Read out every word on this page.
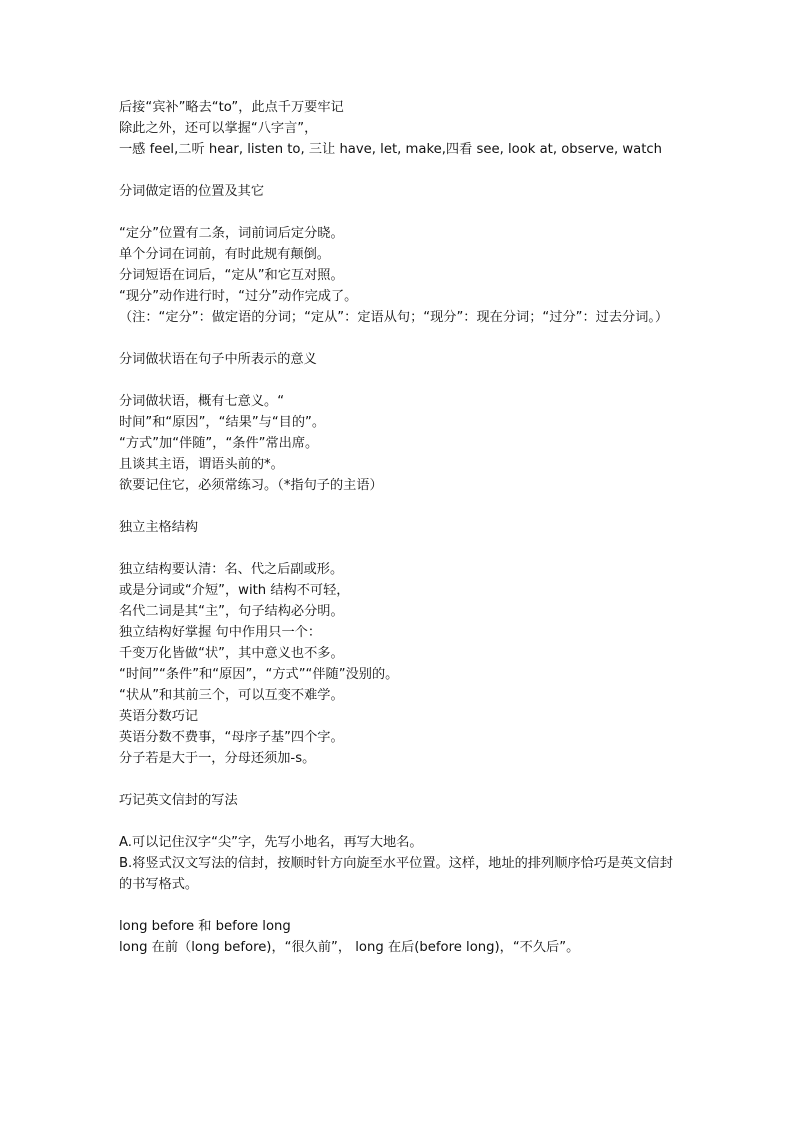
后接“宾补”略去“to”，此点千万要牢记
除此之外，还可以掌握“八字言”，
一感 feel,二听 hear, listen to, 三让 have, let, make,四看 see, look at, observe, watch
分词做定语的位置及其它
“定分”位置有二条，词前词后定分晓。
单个分词在词前，有时此规有颠倒。
分词短语在词后，“定从”和它互对照。
“现分”动作进行时，“过分”动作完成了。
（注：“定分”：做定语的分词；“定从”：定语从句；“现分”：现在分词；“过分”：过去分词。）
分词做状语在句子中所表示的意义
分词做状语，概有七意义。“
时间”和“原因”，“结果”与“目的”。
“方式”加“伴随”，“条件”常出席。
且谈其主语，谓语头前的*。
欲要记住它，必须常练习。（*指句子的主语）
独立主格结构
独立结构要认清：名、代之后副或形。
或是分词或“介短”，with 结构不可轻，
名代二词是其“主”，句子结构必分明。
独立结构好掌握 句中作用只一个：
千变万化皆做“状”，其中意义也不多。
“时间”“条件”和“原因”，“方式”“伴随”没别的。
“状从”和其前三个，可以互变不难学。
英语分数巧记
英语分数不费事，“母序子基”四个字。
分子若是大于一，分母还须加-s。
巧记英文信封的写法
A.可以记住汉字“尖”字，先写小地名，再写大地名。
B.将竖式汉文写法的信封，按顺时针方向旋至水平位置。这样，地址的排列顺序恰巧是英文信封的书写格式。
long before 和 before long
long 在前（long before)，“很久前”， long 在后(before long)，“不久后”。
